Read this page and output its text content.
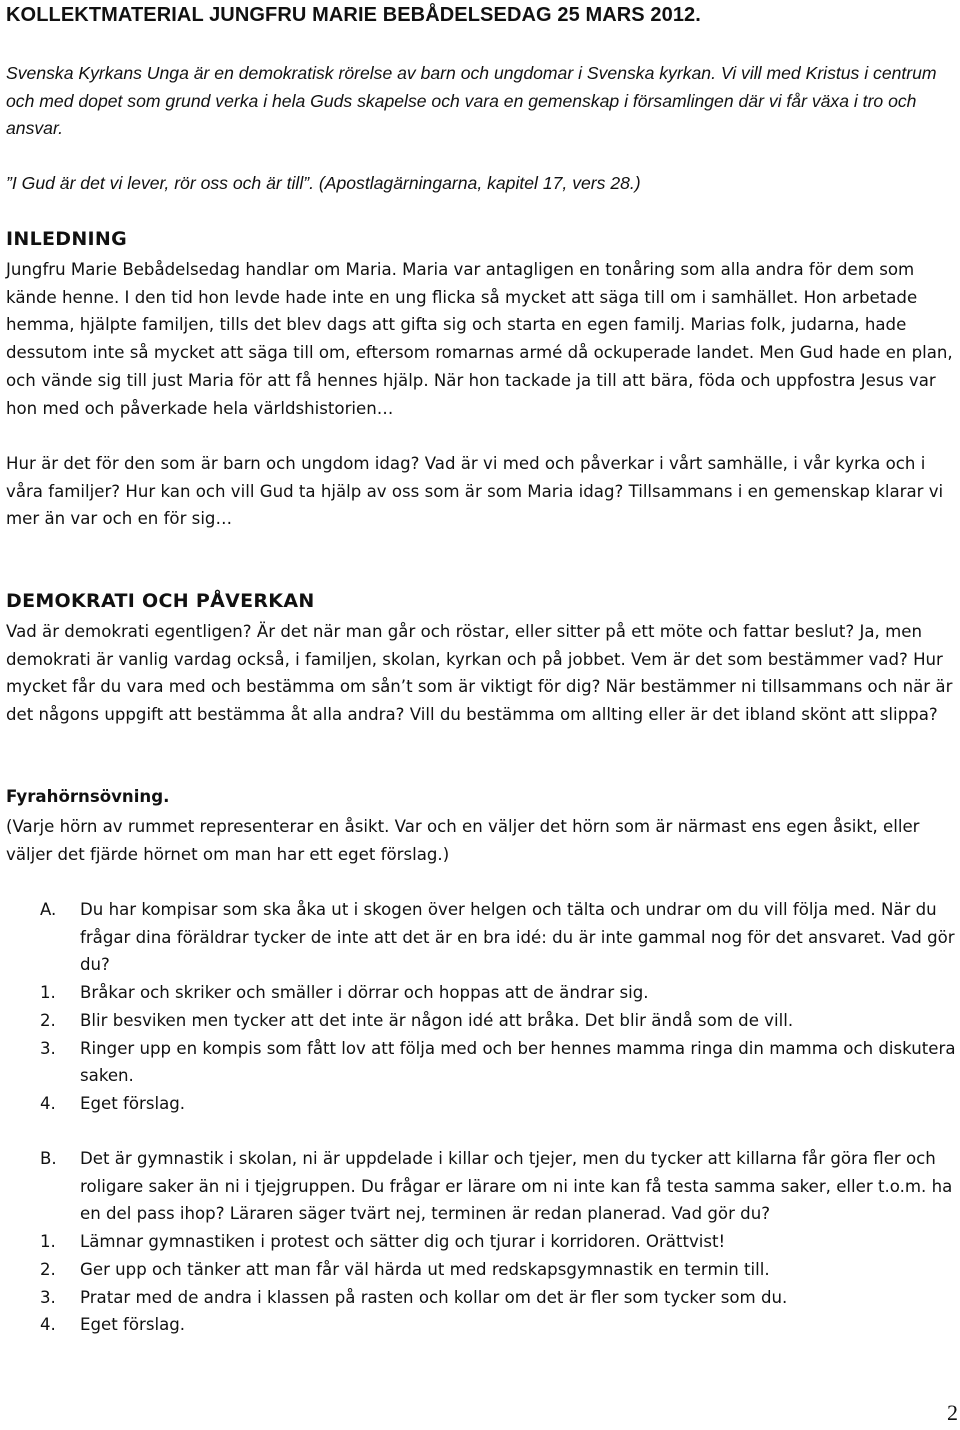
KOLLEKTMATERIAL JUNGFRU MARIE BEBÅDELSEDAG 25 MARS 2012.

Svenska Kyrkans Unga är en demokratisk rörelse av barn och ungdomar i Svenska kyrkan. Vi vill med Kristus i centrum och med dopet som grund verka i hela Guds skapelse och vara en gemenskap i församlingen där vi får växa i tro och ansvar.

”I Gud är det vi lever, rör oss och är till”. (Apostlagärningarna, kapitel 17, vers 28.)

INLEDNING

Jungfru Marie Bebådelsedag handlar om Maria. Maria var antagligen en tonåring som alla andra för dem som kände henne. I den tid hon levde hade inte en ung flicka så mycket att säga till om i samhället. Hon arbetade hemma, hjälpte familjen, tills det blev dags att gifta sig och starta en egen familj. Marias folk, judarna, hade dessutom inte så mycket att säga till om, eftersom romarnas armé då ockuperade landet. Men Gud hade en plan, och vände sig till just Maria för att få hennes hjälp. När hon tackade ja till att bära, föda och uppfostra Jesus var hon med och påverkade hela världshistorien…

Hur är det för den som är barn och ungdom idag? Vad är vi med och påverkar i vårt samhälle, i vår kyrka och i våra familjer? Hur kan och vill Gud ta hjälp av oss som är som Maria idag? Tillsammans i en gemenskap klarar vi mer än var och en för sig…

DEMOKRATI OCH PÅVERKAN

Vad är demokrati egentligen? Är det när man går och röstar, eller sitter på ett möte och fattar beslut? Ja, men demokrati är vanlig vardag också, i familjen, skolan, kyrkan och på jobbet. Vem är det som bestämmer vad? Hur mycket får du vara med och bestämma om sån’t som är viktigt för dig? När bestämmer ni tillsammans och när är det någons uppgift att bestämma åt alla andra? Vill du bestämma om allting eller är det ibland skönt att slippa?

Fyrahörnsövning.

(Varje hörn av rummet representerar en åsikt. Var och en väljer det hörn som är närmast ens egen åsikt, eller väljer det fjärde hörnet om man har ett eget förslag.)

A.	Du har kompisar som ska åka ut i skogen över helgen och tälta och undrar om du vill följa med. När du frågar dina föräldrar tycker de inte att det är en bra idé: du är inte gammal nog för det ansvaret. Vad gör du?
1.	Bråkar och skriker och smäller i dörrar och hoppas att de ändrar sig.
2.	Blir besviken men tycker att det inte är någon idé att bråka. Det blir ändå som de vill.
3.	Ringer upp en kompis som fått lov att följa med och ber hennes mamma ringa din mamma och diskutera saken.
4.	Eget förslag.
B.	Det är gymnastik i skolan, ni är uppdelade i killar och tjejer, men du tycker att killarna får göra fler och roligare saker än ni i tjejgruppen. Du frågar er lärare om ni inte kan få testa samma saker, eller t.o.m. ha en del pass ihop? Läraren säger tvärt nej, terminen är redan planerad. Vad gör du?
1.	Lämnar gymnastiken i protest och sätter dig och tjurar i korridoren. Orättvist!
2.	Ger upp och tänker att man får väl härda ut med redskapsgymnastik en termin till.
3.	Pratar med de andra i klassen på rasten och kollar om det är fler som tycker som du.
4.	Eget förslag.
2
